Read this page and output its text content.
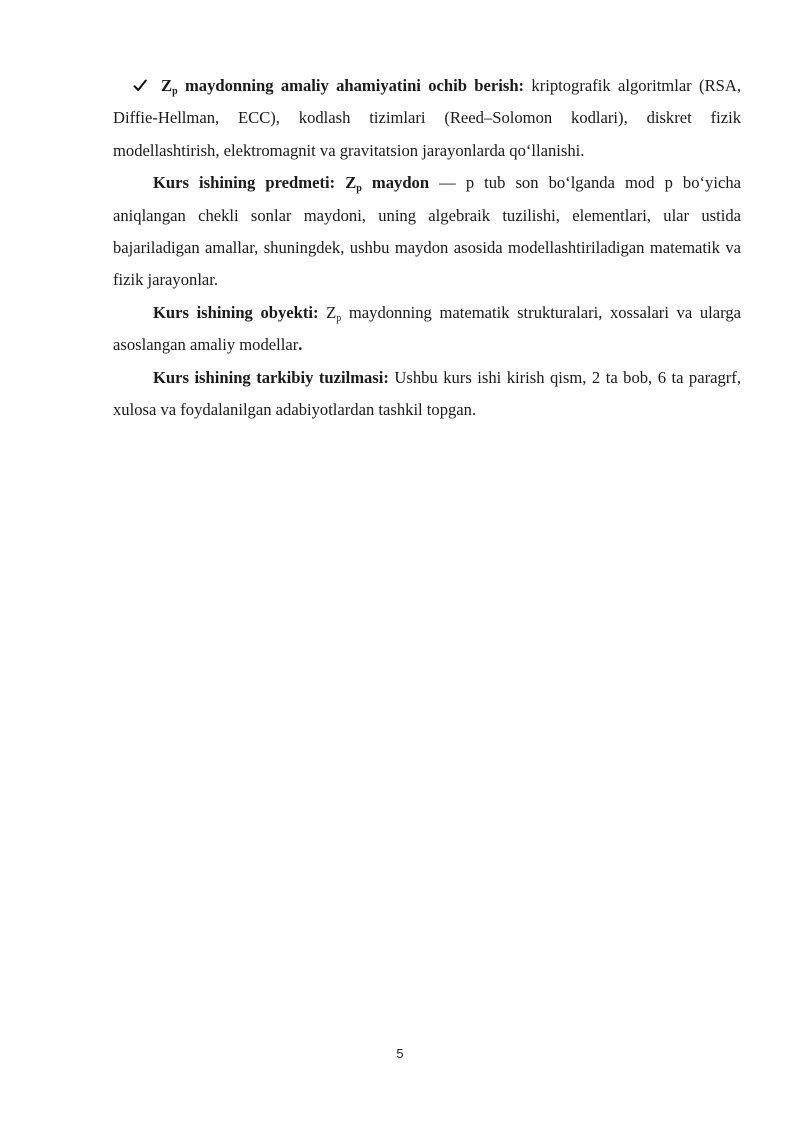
$Z_p$ maydonning amaliy ahamiyatini ochib berish: kriptografik algoritmlar (RSA, Diffie-Hellman, ECC), kodlash tizimlari (Reed–Solomon kodlari), diskret fizik modellashtirish, elektromagnit va gravitatsion jarayonlarda qo‘llanishi.

Kurs ishining predmeti: $Z_p$ maydon — p tub son bo‘lganda mod p bo‘yicha aniqlangan chekli sonlar maydoni, uning algebraik tuzilishi, elementlari, ular ustida bajariladigan amallar, shuningdek, ushbu maydon asosida modellashtiriladigan matematik va fizik jarayonlar.

Kurs ishining obyekti: $Z_p$ maydonning matematik strukturalari, xossalari va ularga asoslangan amaliy modellar.

Kurs ishining tarkibiy tuzilmasi: Ushbu kurs ishi kirish qism, 2 ta bob, 6 ta paragrf, xulosa va foydalanilgan adabiyotlardan tashkil topgan.

5
